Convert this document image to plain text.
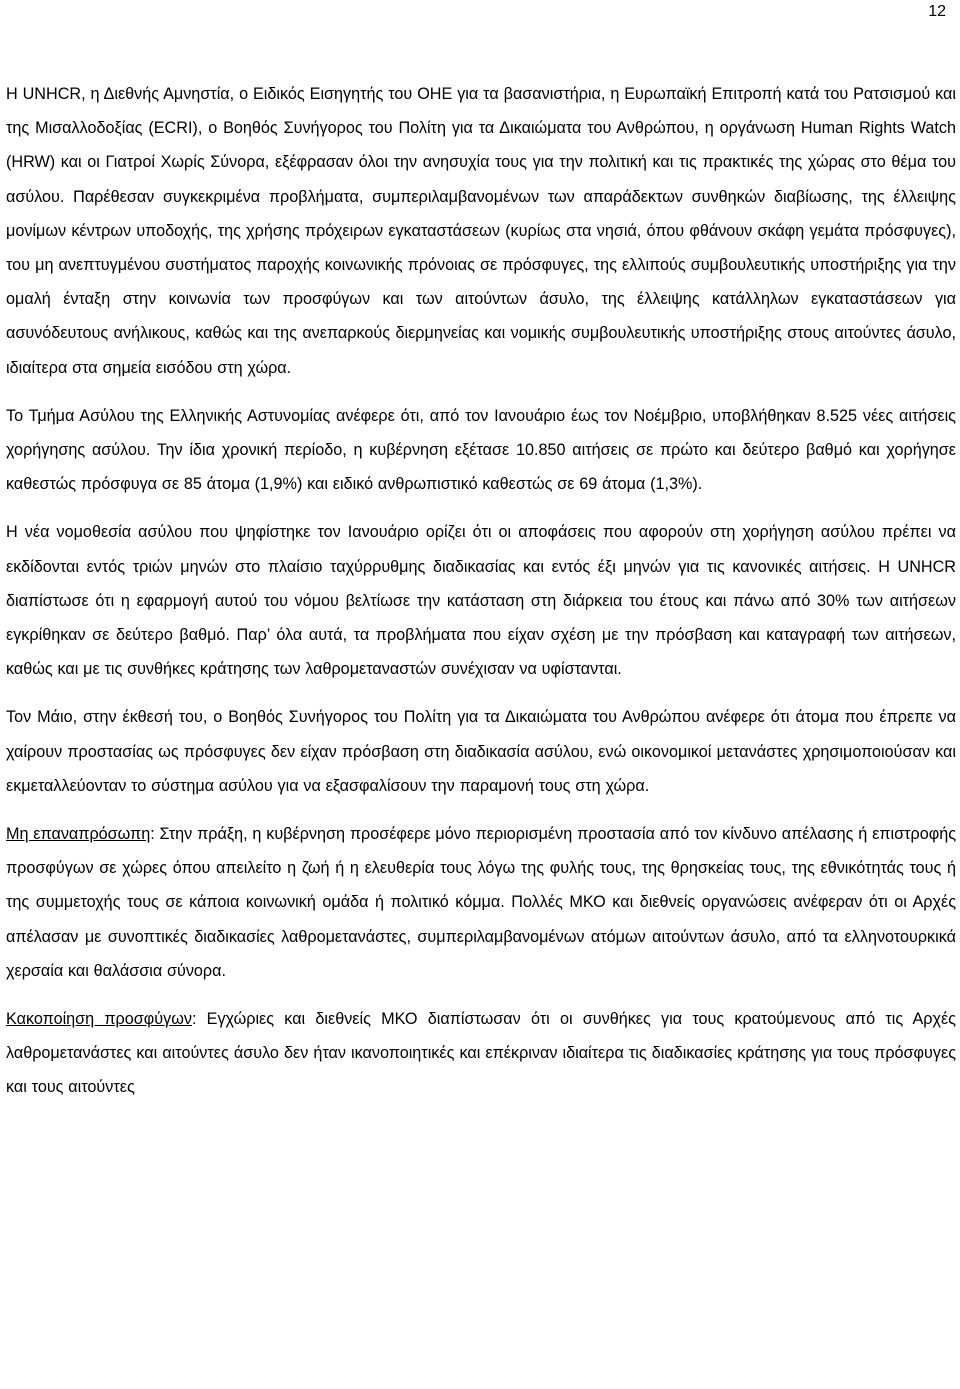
12

H UNHCR, η Διεθνής Αμνηστία, ο Ειδικός Εισηγητής του ΟΗΕ για τα βασανιστήρια, η Ευρωπαϊκή Επιτροπή κατά του Ρατσισμού και της Μισαλλοδοξίας (ECRI), ο Βοηθός Συνήγορος του Πολίτη για τα Δικαιώματα του Ανθρώπου, η οργάνωση Human Rights Watch (HRW) και οι Γιατροί Χωρίς Σύνορα, εξέφρασαν όλοι την ανησυχία τους για την πολιτική και τις πρακτικές της χώρας στο θέμα του ασύλου. Παρέθεσαν συγκεκριμένα προβλήματα, συμπεριλαμβανομένων των απαράδεκτων συνθηκών διαβίωσης, της έλλειψης μονίμων κέντρων υποδοχής, της χρήσης πρόχειρων εγκαταστάσεων (κυρίως στα νησιά, όπου φθάνουν σκάφη γεμάτα πρόσφυγες), του μη ανεπτυγμένου συστήματος παροχής κοινωνικής πρόνοιας σε πρόσφυγες, της ελλιπούς συμβουλευτικής υποστήριξης για την ομαλή ένταξη στην κοινωνία των προσφύγων και των αιτούντων άσυλο, της έλλειψης κατάλληλων εγκαταστάσεων για ασυνόδευτους ανήλικους, καθώς και της ανεπαρκούς διερμηνείας και νομικής συμβουλευτικής υποστήριξης στους αιτούντες άσυλο, ιδιαίτερα στα σημεία εισόδου στη χώρα.

Το Τμήμα Ασύλου της Ελληνικής Αστυνομίας ανέφερε ότι, από τον Ιανουάριο έως τον Νοέμβριο, υποβλήθηκαν 8.525 νέες αιτήσεις χορήγησης ασύλου. Την ίδια χρονική περίοδο, η κυβέρνηση εξέτασε 10.850 αιτήσεις σε πρώτο και δεύτερο βαθμό και χορήγησε καθεστώς πρόσφυγα σε 85 άτομα (1,9%) και ειδικό ανθρωπιστικό καθεστώς σε 69 άτομα (1,3%).

Η νέα νομοθεσία ασύλου που ψηφίστηκε τον Ιανουάριο ορίζει ότι οι αποφάσεις που αφορούν στη χορήγηση ασύλου πρέπει να εκδίδονται εντός τριών μηνών στο πλαίσιο ταχύρρυθμης διαδικασίας και εντός έξι μηνών για τις κανονικές αιτήσεις. Η UNHCR διαπίστωσε ότι η εφαρμογή αυτού του νόμου βελτίωσε την κατάσταση στη διάρκεια του έτους και πάνω από 30% των αιτήσεων εγκρίθηκαν σε δεύτερο βαθμό. Παρ’ όλα αυτά, τα προβλήματα που είχαν σχέση με την πρόσβαση και καταγραφή των αιτήσεων, καθώς και με τις συνθήκες κράτησης των λαθρομεταναστών συνέχισαν να υφίστανται.

Τον Μάιο, στην έκθεσή του, ο Βοηθός Συνήγορος του Πολίτη για τα Δικαιώματα του Ανθρώπου ανέφερε ότι άτομα που έπρεπε να χαίρουν προστασίας ως πρόσφυγες δεν είχαν πρόσβαση στη διαδικασία ασύλου, ενώ οικονομικοί μετανάστες χρησιμοποιούσαν και εκμεταλλεύονταν το σύστημα ασύλου για να εξασφαλίσουν την παραμονή τους στη χώρα.

Μη επαναπρόσωπη: Στην πράξη, η κυβέρνηση προσέφερε μόνο περιορισμένη προστασία από τον κίνδυνο απέλασης ή επιστροφής προσφύγων σε χώρες όπου απειλείτο η ζωή ή η ελευθερία τους λόγω της φυλής τους, της θρησκείας τους, της εθνικότητάς τους ή της συμμετοχής τους σε κάποια κοινωνική ομάδα ή πολιτικό κόμμα. Πολλές ΜΚΟ και διεθνείς οργανώσεις ανέφεραν ότι οι Αρχές απέλασαν με συνοπτικές διαδικασίες λαθρομετανάστες, συμπεριλαμβανομένων ατόμων αιτούντων άσυλο, από τα ελληνοτουρκικά χερσαία και θαλάσσια σύνορα.

Κακοποίηση προσφύγων: Εγχώριες και διεθνείς ΜΚΟ διαπίστωσαν ότι οι συνθήκες για τους κρατούμενους από τις Αρχές λαθρομετανάστες και αιτούντες άσυλο δεν ήταν ικανοποιητικές και επέκριναν ιδιαίτερα τις διαδικασίες κράτησης για τους πρόσφυγες και τους αιτούντες
